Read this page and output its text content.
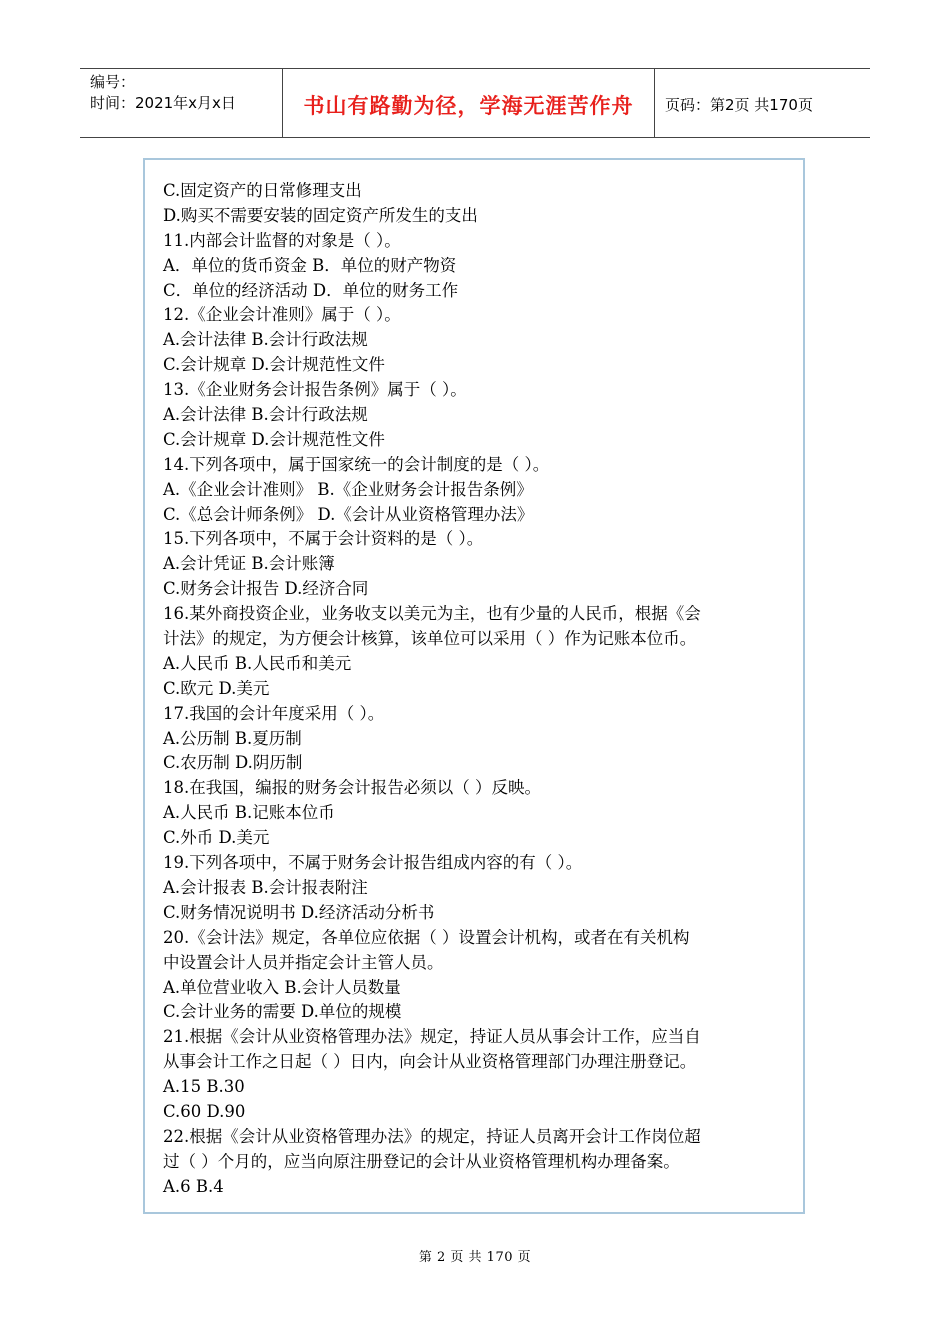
编号：
时间：2021年x月x日	书山有路勤为径，学海无涯苦作舟 页码：第2页 共170页
C.固定资产的日常修理支出
D.购买不需要安装的固定资产所发生的支出
11.内部会计监督的对象是（ ）。
A．单位的货币资金 B．单位的财产物资
C．单位的经济活动 D．单位的财务工作
12.《企业会计准则》属于（ ）。
A.会计法律 B.会计行政法规
C.会计规章 D.会计规范性文件
13.《企业财务会计报告条例》属于（ ）。
A.会计法律 B.会计行政法规
C.会计规章 D.会计规范性文件
14.下列各项中，属于国家统一的会计制度的是（ ）。
A.《企业会计准则》 B.《企业财务会计报告条例》
C.《总会计师条例》 D.《会计从业资格管理办法》
15.下列各项中，不属于会计资料的是（ ）。
A.会计凭证 B.会计账簿
C.财务会计报告 D.经济合同
16.某外商投资企业，业务收支以美元为主，也有少量的人民币，根据《会
计法》的规定，为方便会计核算，该单位可以采用（ ）作为记账本位币。
A.人民币 B.人民币和美元
C.欧元 D.美元
17.我国的会计年度采用（ ）。
A.公历制 B.夏历制
C.农历制 D.阴历制
18.在我国，编报的财务会计报告必须以（ ）反映。
A.人民币 B.记账本位币
C.外币 D.美元
19.下列各项中，不属于财务会计报告组成内容的有（ ）。
A.会计报表 B.会计报表附注
C.财务情况说明书 D.经济活动分析书
20.《会计法》规定，各单位应依据（ ）设置会计机构，或者在有关机构
中设置会计人员并指定会计主管人员。
A.单位营业收入 B.会计人员数量
C.会计业务的需要 D.单位的规模
21.根据《会计从业资格管理办法》规定，持证人员从事会计工作，应当自
从事会计工作之日起（ ）日内，向会计从业资格管理部门办理注册登记。
A.15 B.30
C.60 D.90
22.根据《会计从业资格管理办法》的规定，持证人员离开会计工作岗位超
过（ ）个月的，应当向原注册登记的会计从业资格管理机构办理备案。
A.6 B.4
第 2 页 共 170 页
